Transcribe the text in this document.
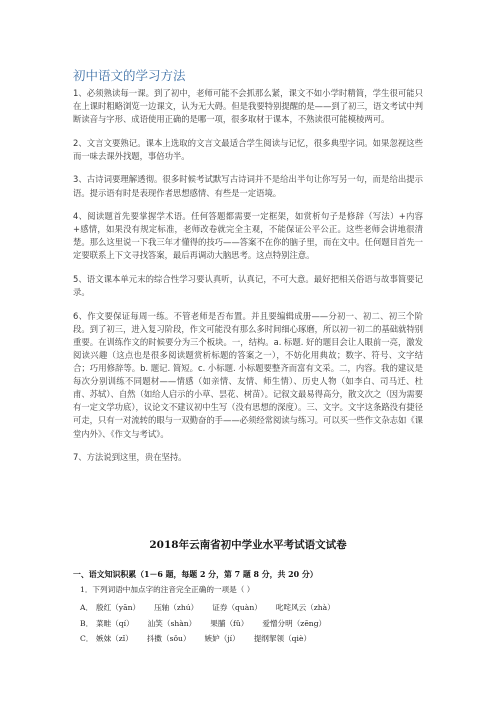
初中语文的学习方法

1、必须熟读每一课。到了初中，老师可能不会抓那么紧，课文不如小学时精简，学生很可能只在上课时粗略浏览一边课文，认为无大碍。但是我要特别提醒的是——到了初三，语文考试中判断读音与字形、成语使用正确的是哪一项，很多取材于课本，不熟读很可能模棱两可。

2、文言文要熟记。课本上选取的文言文最适合学生阅读与记忆，很多典型字词。如果忽视这些而一味去课外找题，事倍功半。

3、古诗词要理解透彻。很多时候考试默写古诗词并不是给出半句让你写另一句，而是给出提示语。提示语有时是表现作者思想感情、有些是一定语境。

4、阅读题首先要掌握学术语。任何答题都需要一定框架，如赏析句子是修辞（写法）+内容+感情，如果没有规定标准，老师改卷就完全主观，不能保证公平公正。这些老师会讲地很清楚。那么这里说一下我三年才懂得的技巧——答案不在你的脑子里，而在文中。任何题目首先一定要联系上下文寻找答案，最后再调动大脑思考。这点特别注意。

5、语文课本单元末的综合性学习要认真听，认真记，不可大意。最好把相关俗语与故事简要记录。

6、作文要保证每周一练。不管老师是否布置。并且要编辑成册——分初一、初二、初三个阶段。到了初三，进入复习阶段，作文可能没有那么多时间细心琢磨，所以初一初二的基础就特别重要。在训练作文的时候要分为三个板块。一，结构。a. 标题. 好的题目会让人眼前一亮，激发阅读兴趣（这点也是很多阅读题赏析标题的答案之一），不妨化用典故；数字、符号、文字结合；巧用修辞等。b. 题记. 简短。c. 小标题. 小标题要整齐而富有文采。二，内容。我的建议是每次分别训练不同题材——情感（如亲情、友情、师生情）、历史人物（如李白、司马迁、杜甫、苏轼）、自然（如给人启示的小草、昙花、树苗）。记叙文最易得高分，散文次之（因为需要有一定文学功底），议论文不建议初中生写（没有思想的深度）。三、文字。文字这条路没有捷径可走，只有一对流转的眼与一双勤奋的手——必须经常阅读与练习。可以买一些作文杂志如《课堂内外》、《作文与考试》。

7、方法说到这里，贵在坚持。

2018年云南省初中学业水平考试语文试卷
一、语文知识积累（1－6 题，每题 2 分，第 7 题 8 分，共 20 分）
1．下列词语中加点字的注音完全正确的一项是（ ）
A． 殷红（yān） 压轴（zhú） 证券（quàn） 叱咤风云（zhà）
B． 菜畦（qí） 汕笑（shàn） 果脯（fǔ） 爱憎分明（zēng）
C． 嫉妹（zǐ） 抖擞（sǒu） 嫉妒（jí） 提纲挈领（qiè）
